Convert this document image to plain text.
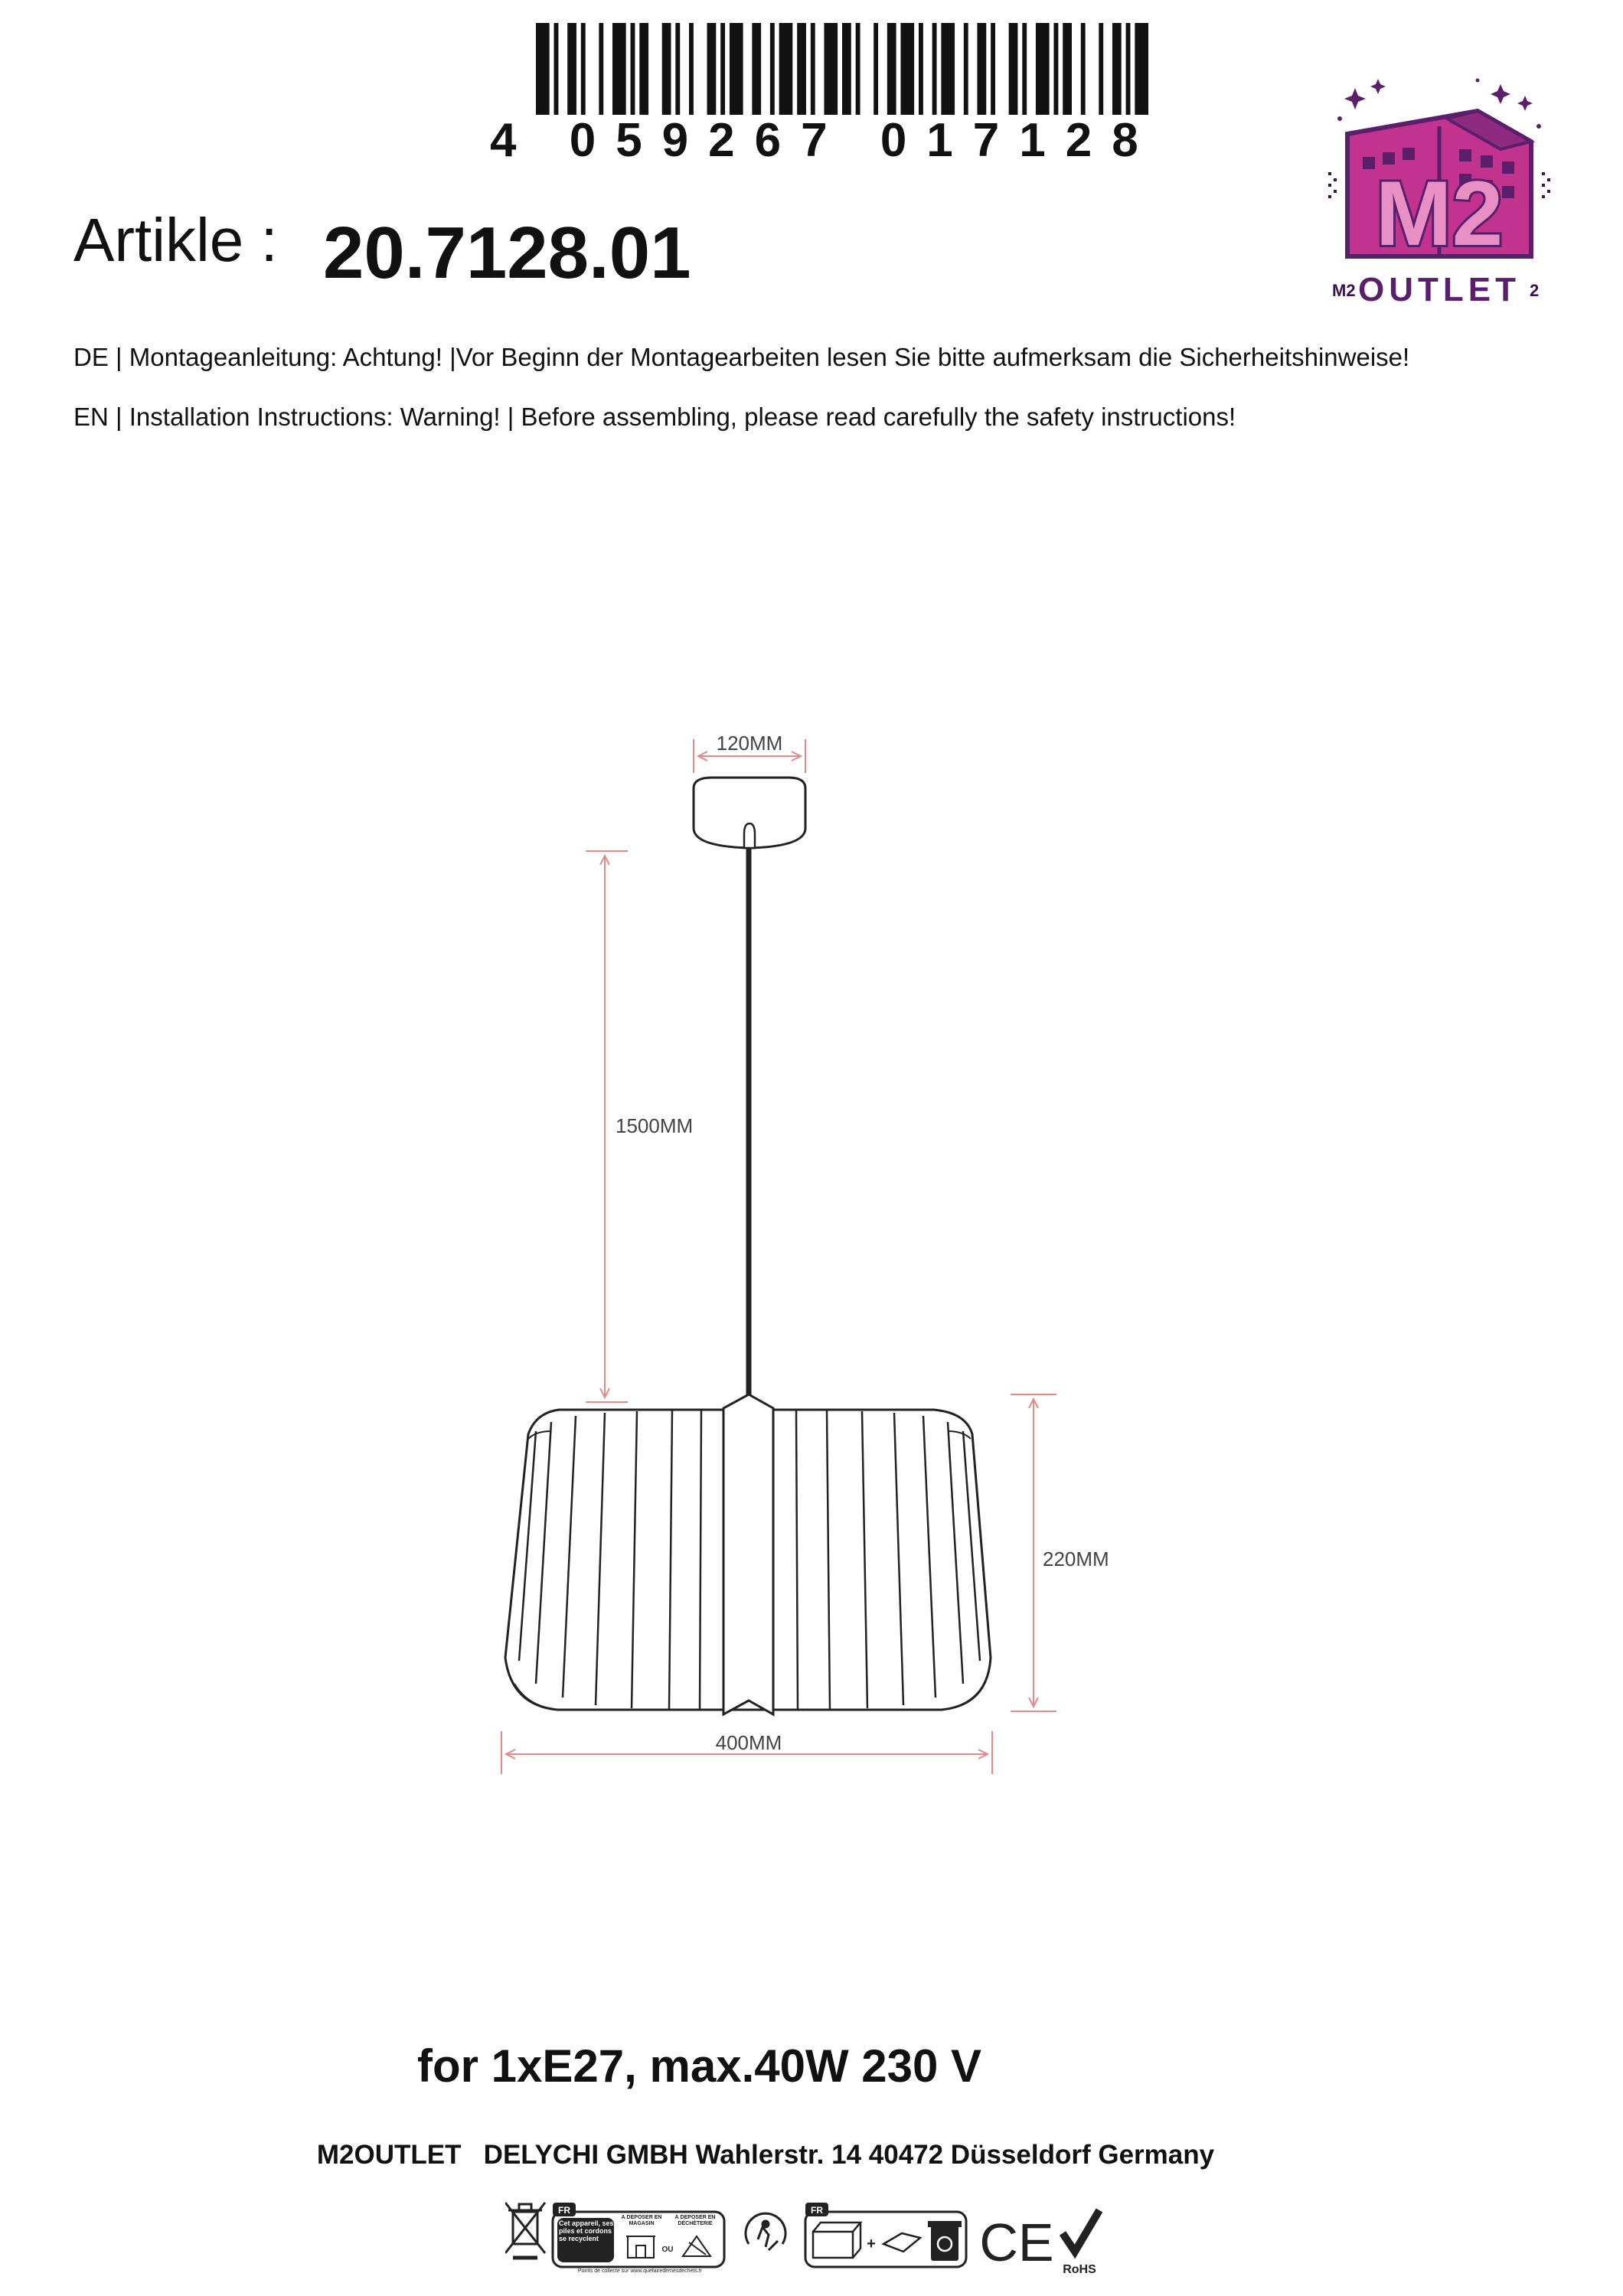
4 059267 017128
Artikle : 20.7128.01
DE | Montageanleitung: Achtung! |Vor Beginn der Montagearbeiten lesen Sie bitte aufmerksam die Sicherheitshinweise!
EN | Installation Instructions: Warning! | Before assembling, please read carefully the safety instructions!
M2
M2 OUTLET 2
120MM
1500MM
220MM
400MM
for 1xE27, max.40W 230 V
M2OUTLET   DELYCHI GMBH Wahlerstr. 14 40472 Düsseldorf Germany
FR
Cet appareil, ses piles et cordons se recyclent
À DÉPOSER EN MAGASIN
À DÉPOSER EN DÉCHÈTERIE
OU
Points de collecte sur www.quefairedemesdechets.fr
FR
+ CE RoHS
